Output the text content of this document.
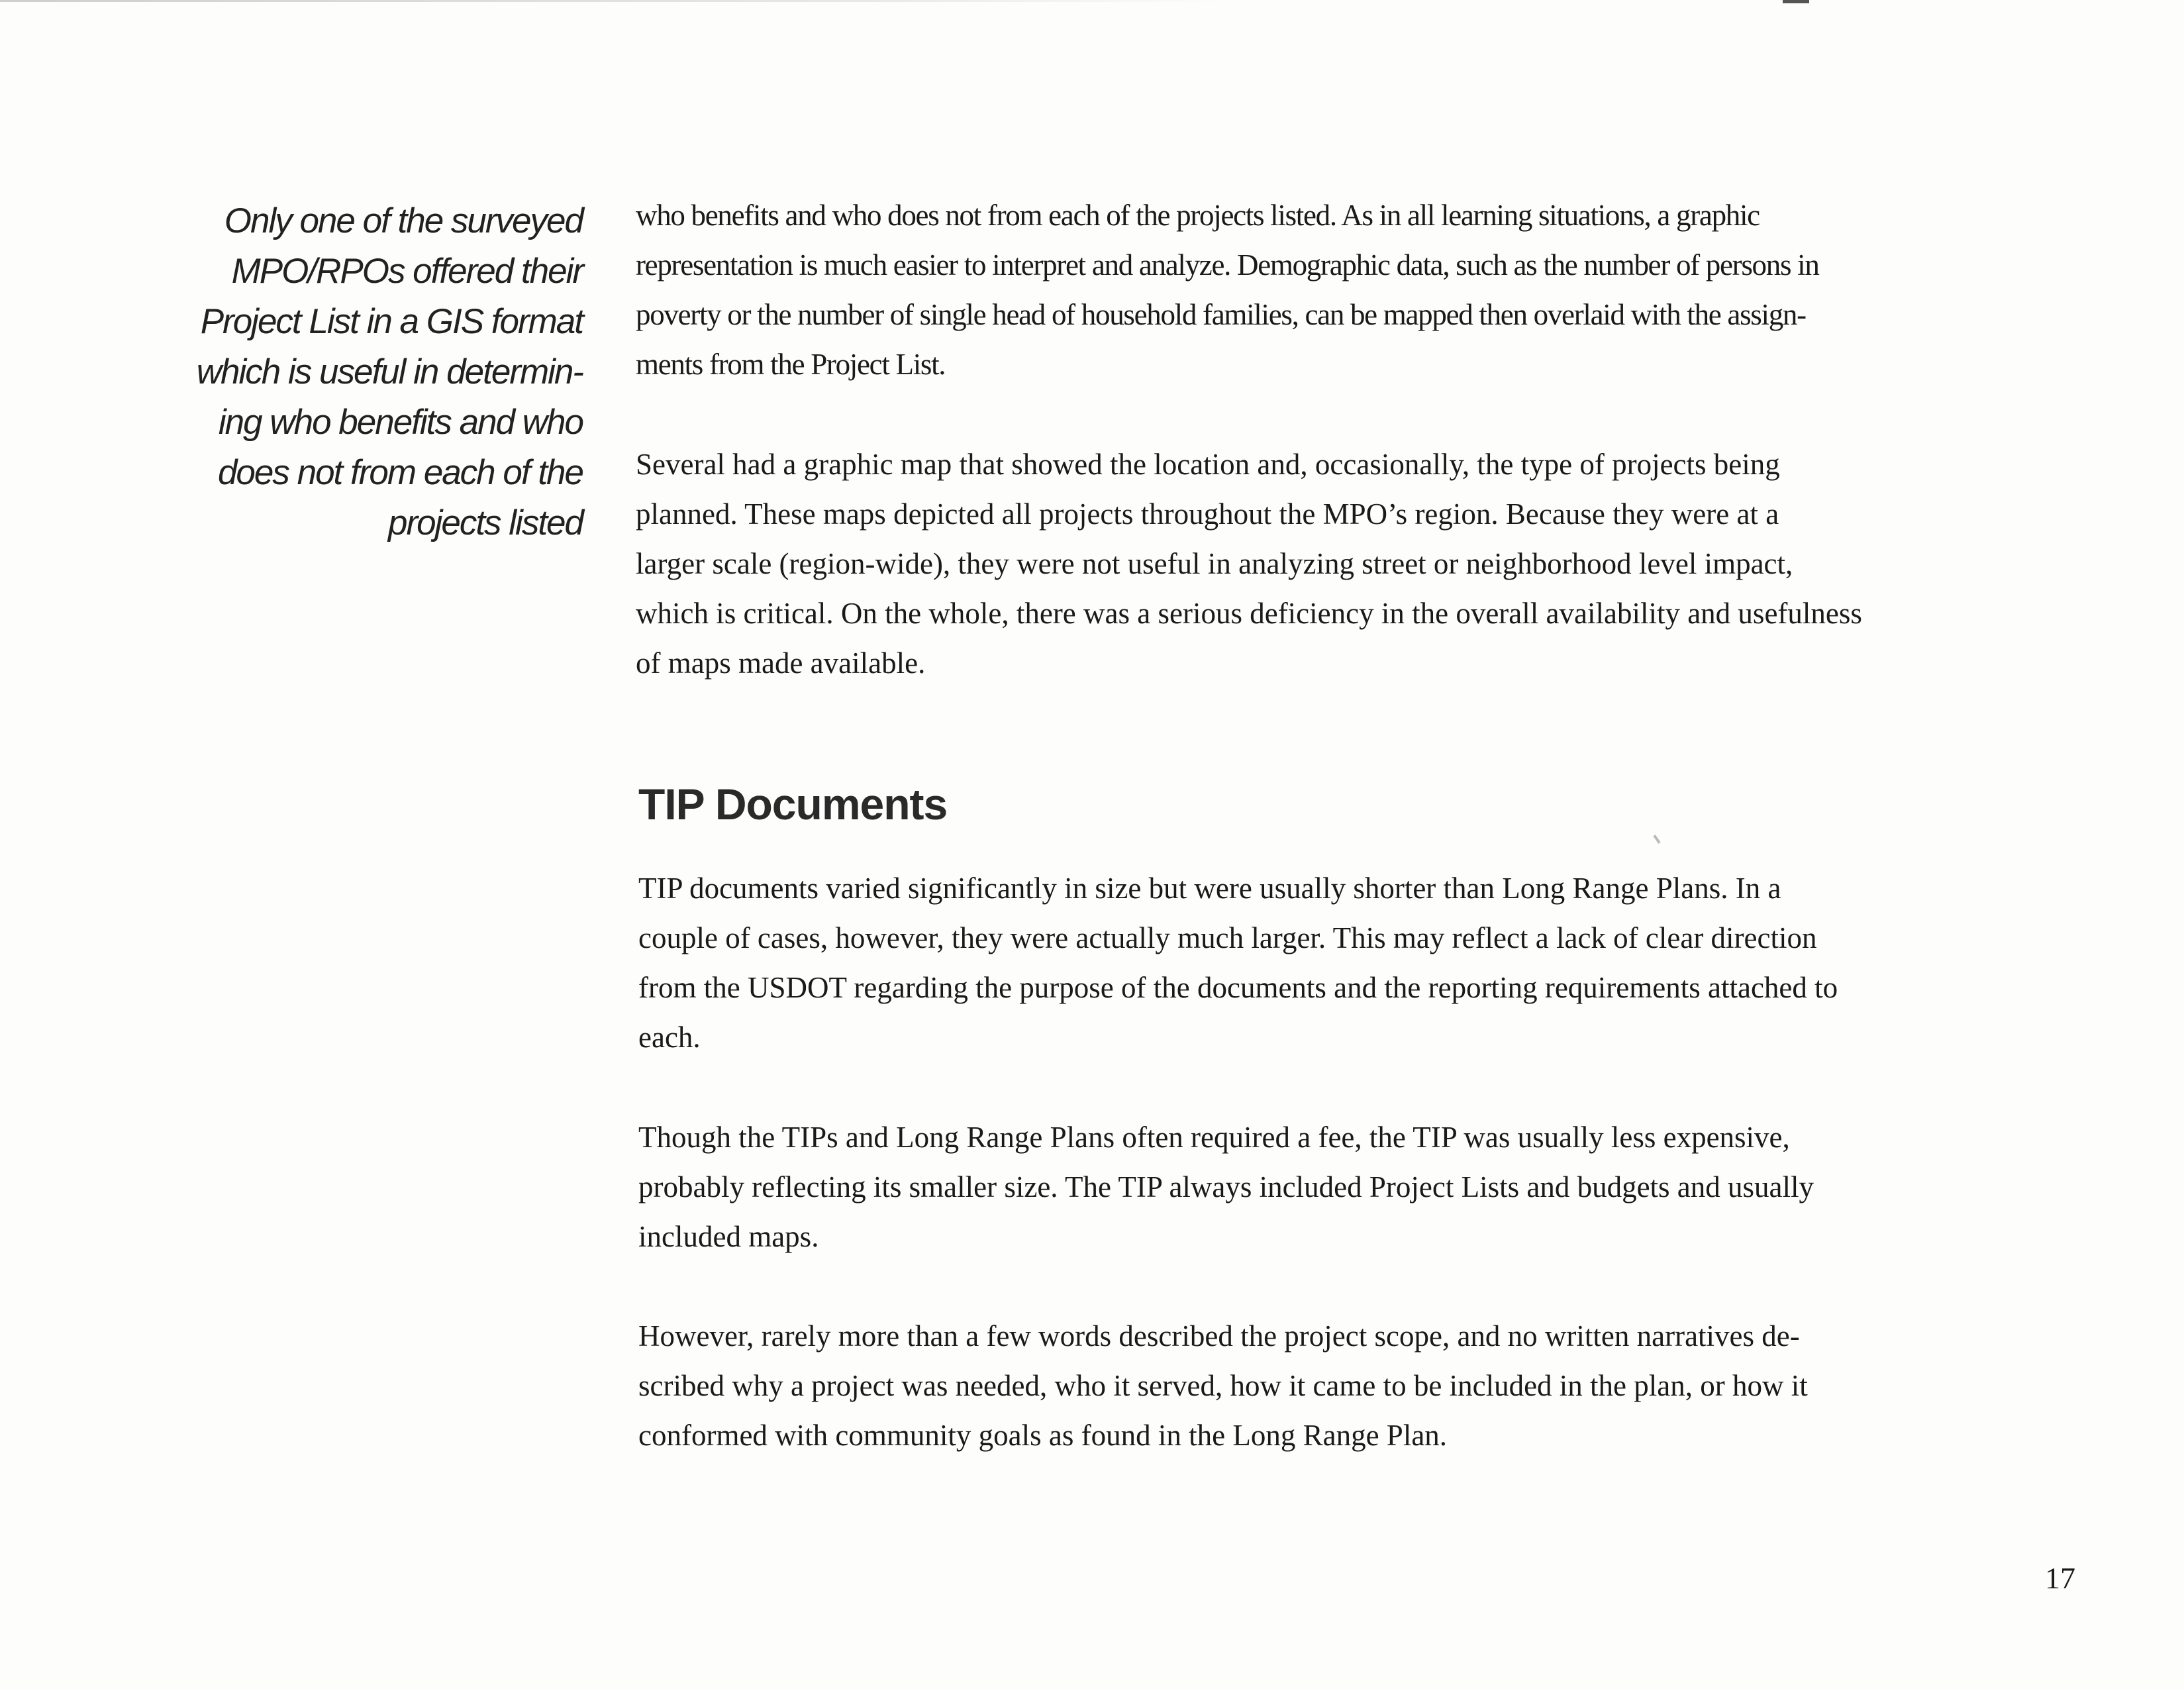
Only one of the surveyed
MPO/RPOs offered their
Project List in a GIS format
which is useful in determin-
ing who benefits and who
does not from each of the
projects listed

who benefits and who does not from each of the projects listed. As in all learning situations, a graphic
representation is much easier to interpret and analyze. Demographic data, such as the number of persons in
poverty or the number of single head of household families, can be mapped then overlaid with the assign-
ments from the Project List.

Several had a graphic map that showed the location and, occasionally, the type of projects being
planned. These maps depicted all projects throughout the MPO’s region. Because they were at a
larger scale (region-wide), they were not useful in analyzing street or neighborhood level impact,
which is critical. On the whole, there was a serious deficiency in the overall availability and usefulness
of maps made available.

TIP Documents

TIP documents varied significantly in size but were usually shorter than Long Range Plans. In a
couple of cases, however, they were actually much larger. This may reflect a lack of clear direction
from the USDOT regarding the purpose of the documents and the reporting requirements attached to
each.

Though the TIPs and Long Range Plans often required a fee, the TIP was usually less expensive,
probably reflecting its smaller size. The TIP always included Project Lists and budgets and usually
included maps.

However, rarely more than a few words described the project scope, and no written narratives de-
scribed why a project was needed, who it served, how it came to be included in the plan, or how it
conformed with community goals as found in the Long Range Plan.

17
